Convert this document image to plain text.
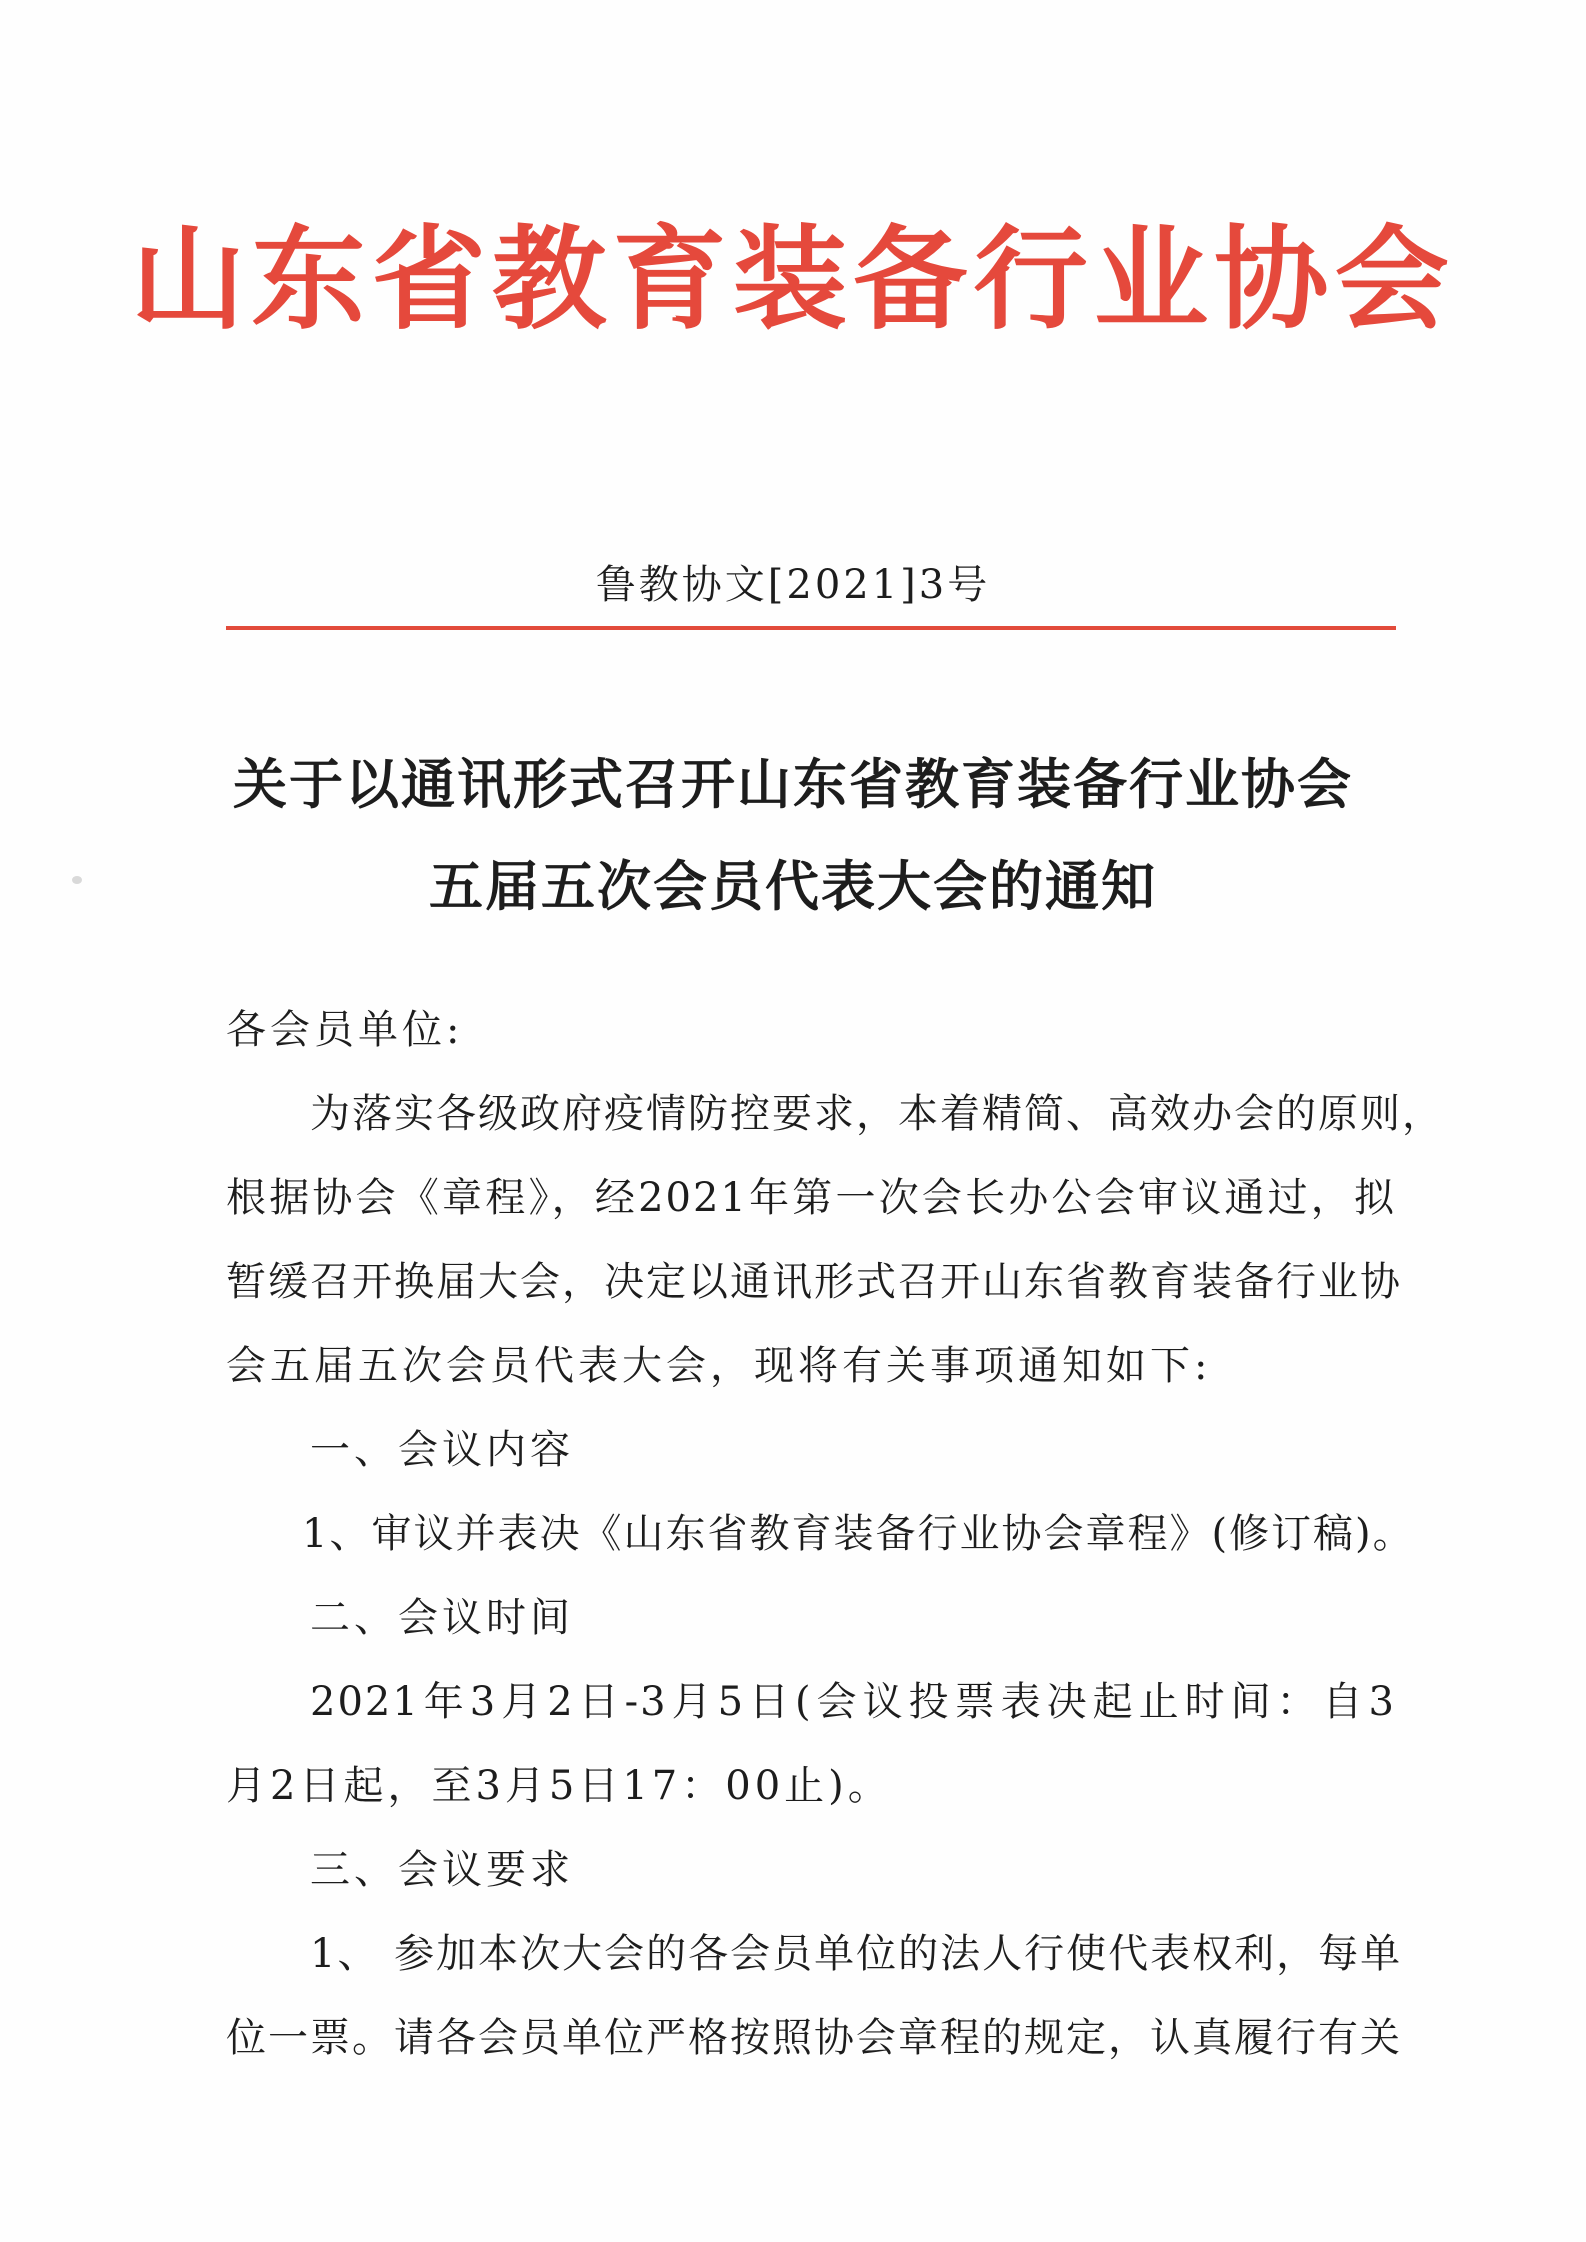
山东省教育装备行业协会
鲁教协文[2021]3号
关于以通讯形式召开山东省教育装备行业协会
五届五次会员代表大会的通知
各会员单位:
为落实各级政府疫情防控要求，本着精简、高效办会的原则，
根据协会《章程》，经2021年第一次会长办公会审议通过，拟
暂缓召开换届大会，决定以通讯形式召开山东省教育装备行业协
会五届五次会员代表大会，现将有关事项通知如下:
一、会议内容
1、审议并表决《山东省教育装备行业协会章程》(修订稿)。
二、会议时间
2021年3月2日-3月5日(会议投票表决起止时间：自3
月2日起，至3月5日17：00止)。
三、会议要求
1、 参加本次大会的各会员单位的法人行使代表权利，每单
位一票。请各会员单位严格按照协会章程的规定，认真履行有关
